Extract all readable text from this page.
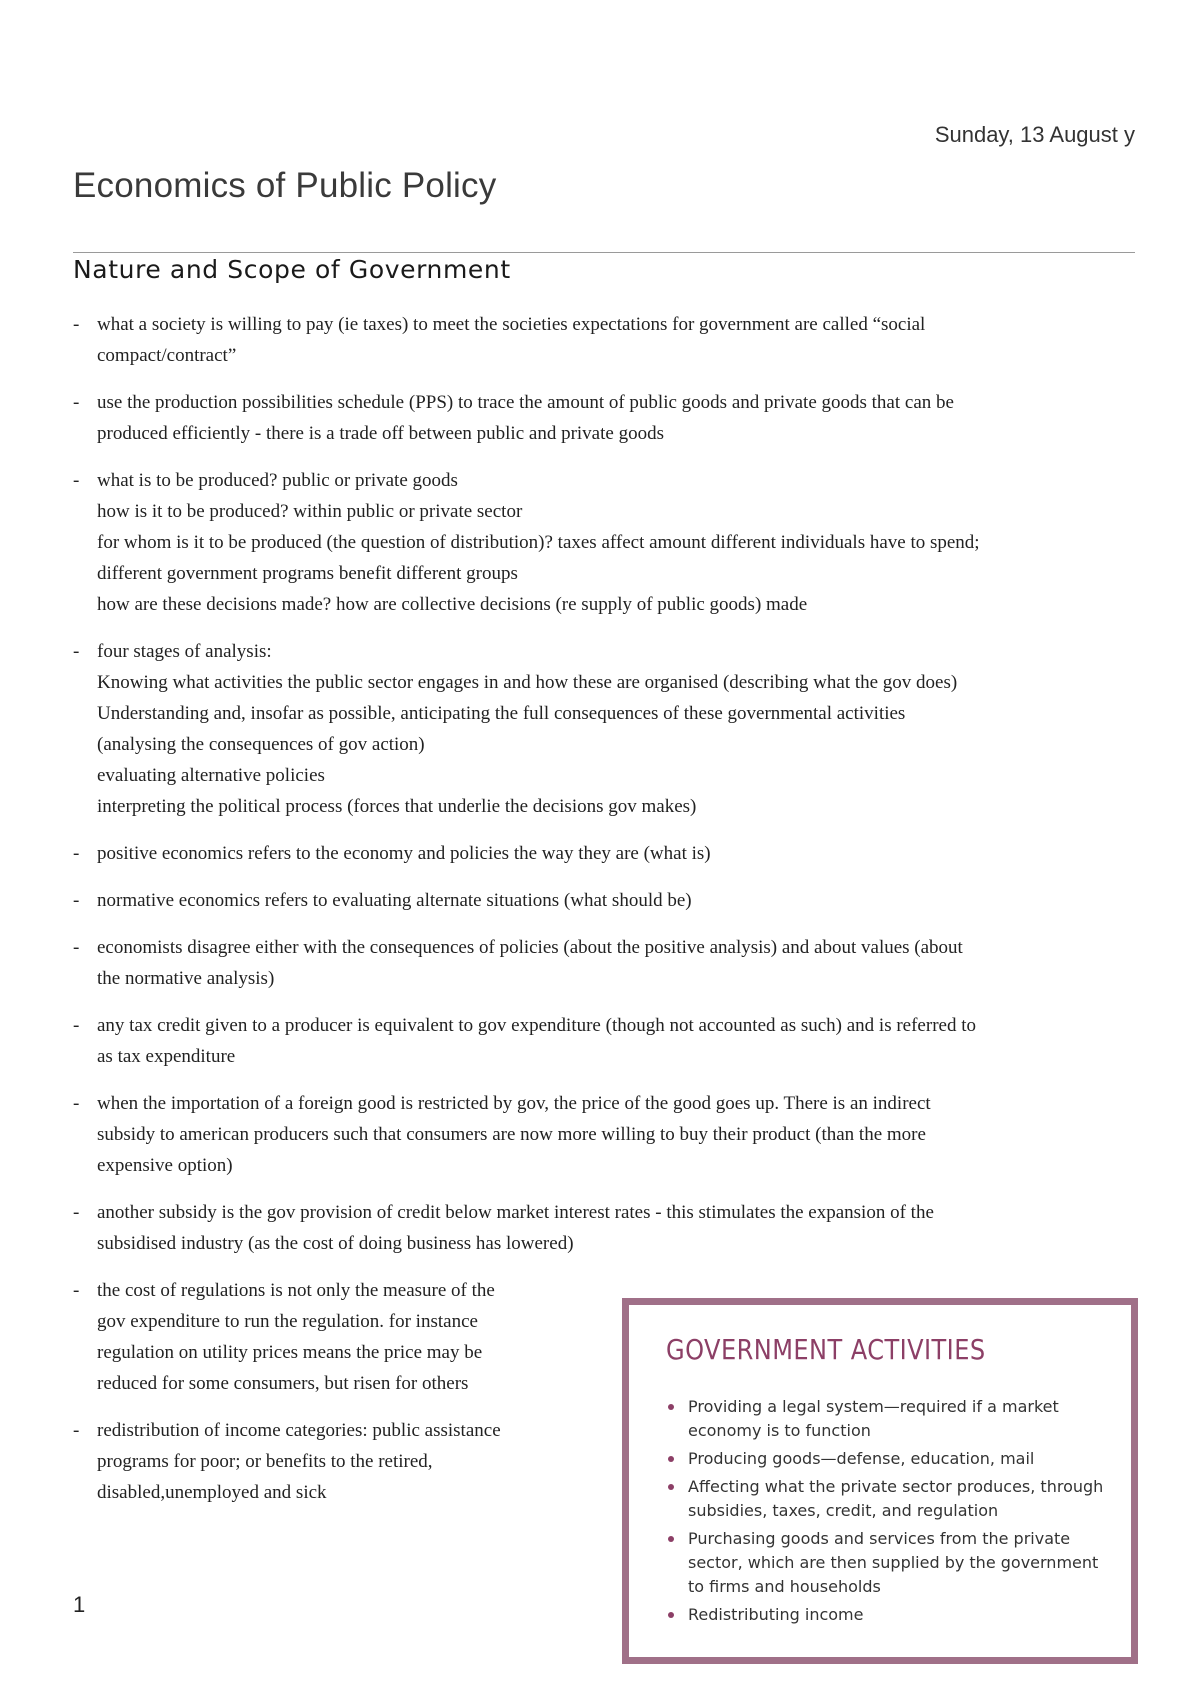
Sunday, 13 August y
Economics of Public Policy
Nature and Scope of Government
- what a society is willing to pay (ie taxes) to meet the societies expectations for government are called “social
compact/contract”
- use the production possibilities schedule (PPS) to trace the amount of public goods and private goods that can be
produced efficiently - there is a trade off between public and private goods
- what is to be produced? public or private goods
how is it to be produced? within public or private sector
for whom is it to be produced (the question of distribution)? taxes affect amount different individuals have to spend;
different government programs benefit different groups
how are these decisions made? how are collective decisions (re supply of public goods) made
- four stages of analysis:
Knowing what activities the public sector engages in and how these are organised (describing what the gov does)
Understanding and, insofar as possible, anticipating the full consequences of these governmental activities
(analysing the consequences of gov action)
evaluating alternative policies
interpreting the political process (forces that underlie the decisions gov makes)
- positive economics refers to the economy and policies the way they are (what is)
- normative economics refers to evaluating alternate situations (what should be)
- economists disagree either with the consequences of policies (about the positive analysis) and about values (about
the normative analysis)
- any tax credit given to a producer is equivalent to gov expenditure (though not accounted as such) and is referred to
as tax expenditure
- when the importation of a foreign good is restricted by gov, the price of the good goes up. There is an indirect
subsidy to american producers such that consumers are now more willing to buy their product (than the more
expensive option)
- another subsidy is the gov provision of credit below market interest rates - this stimulates the expansion of the
subsidised industry (as the cost of doing business has lowered)
- the cost of regulations is not only the measure of the
gov expenditure to run the regulation. for instance
regulation on utility prices means the price may be
reduced for some consumers, but risen for others
- redistribution of income categories: public assistance
programs for poor; or benefits to the retired,
disabled,unemployed and sick
GOVERNMENT ACTIVITIES
Providing a legal system—required if a market economy is to function
Producing goods—defense, education, mail
Affecting what the private sector produces, through subsidies, taxes, credit, and regulation
Purchasing goods and services from the private sector, which are then supplied by the government to firms and households
Redistributing income
1
